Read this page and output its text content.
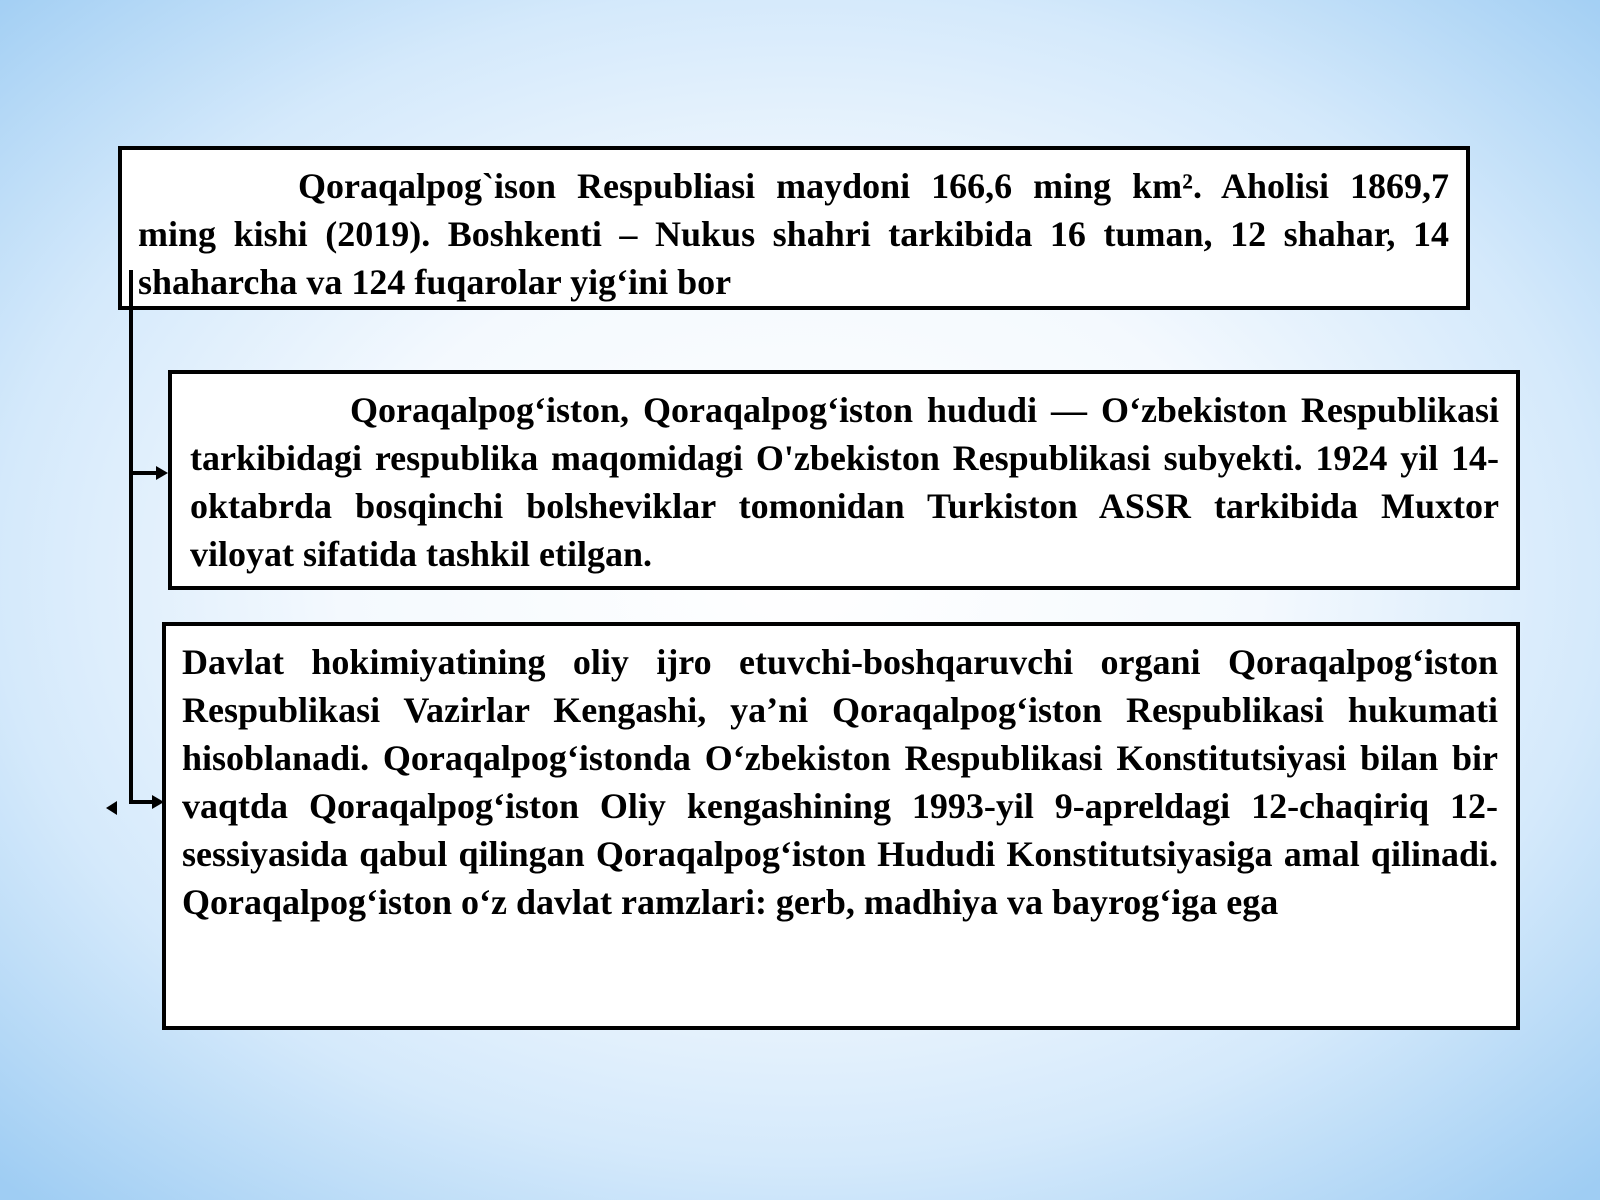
Qoraqalpog`ison Respubliasi maydoni 166,6 ming km². Aholisi 1869,7 ming kishi (2019). Boshkenti – Nukus shahri tarkibida 16 tuman, 12 shahar, 14 shaharcha va 124 fuqarolar yig‘ini bor
Qoraqalpog‘iston, Qoraqalpog‘iston hududi — O‘zbekiston Respublikasi tarkibidagi respublika maqomidagi O'zbekiston Respublikasi subyekti. 1924 yil 14-oktabrda bosqinchi bolsheviklar tomonidan Turkiston ASSR tarkibida Muxtor viloyat sifatida tashkil etilgan.
Davlat hokimiyatining oliy ijro etuvchi-boshqaruvchi organi Qoraqalpog‘iston Respublikasi Vazirlar Kengashi, ya’ni Qoraqalpog‘iston Respublikasi hukumati hisoblanadi. Qoraqalpog‘istonda O‘zbekiston Respublikasi Konstitutsiyasi bilan bir vaqtda Qoraqalpog‘iston Oliy kengashining 1993-yil 9-apreldagi 12-chaqiriq 12-sessiyasida qabul qilingan Qoraqalpog‘iston Hududi Konstitutsiyasiga amal qilinadi. Qoraqalpog‘iston o‘z davlat ramzlari: gerb, madhiya va bayrog‘iga ega
